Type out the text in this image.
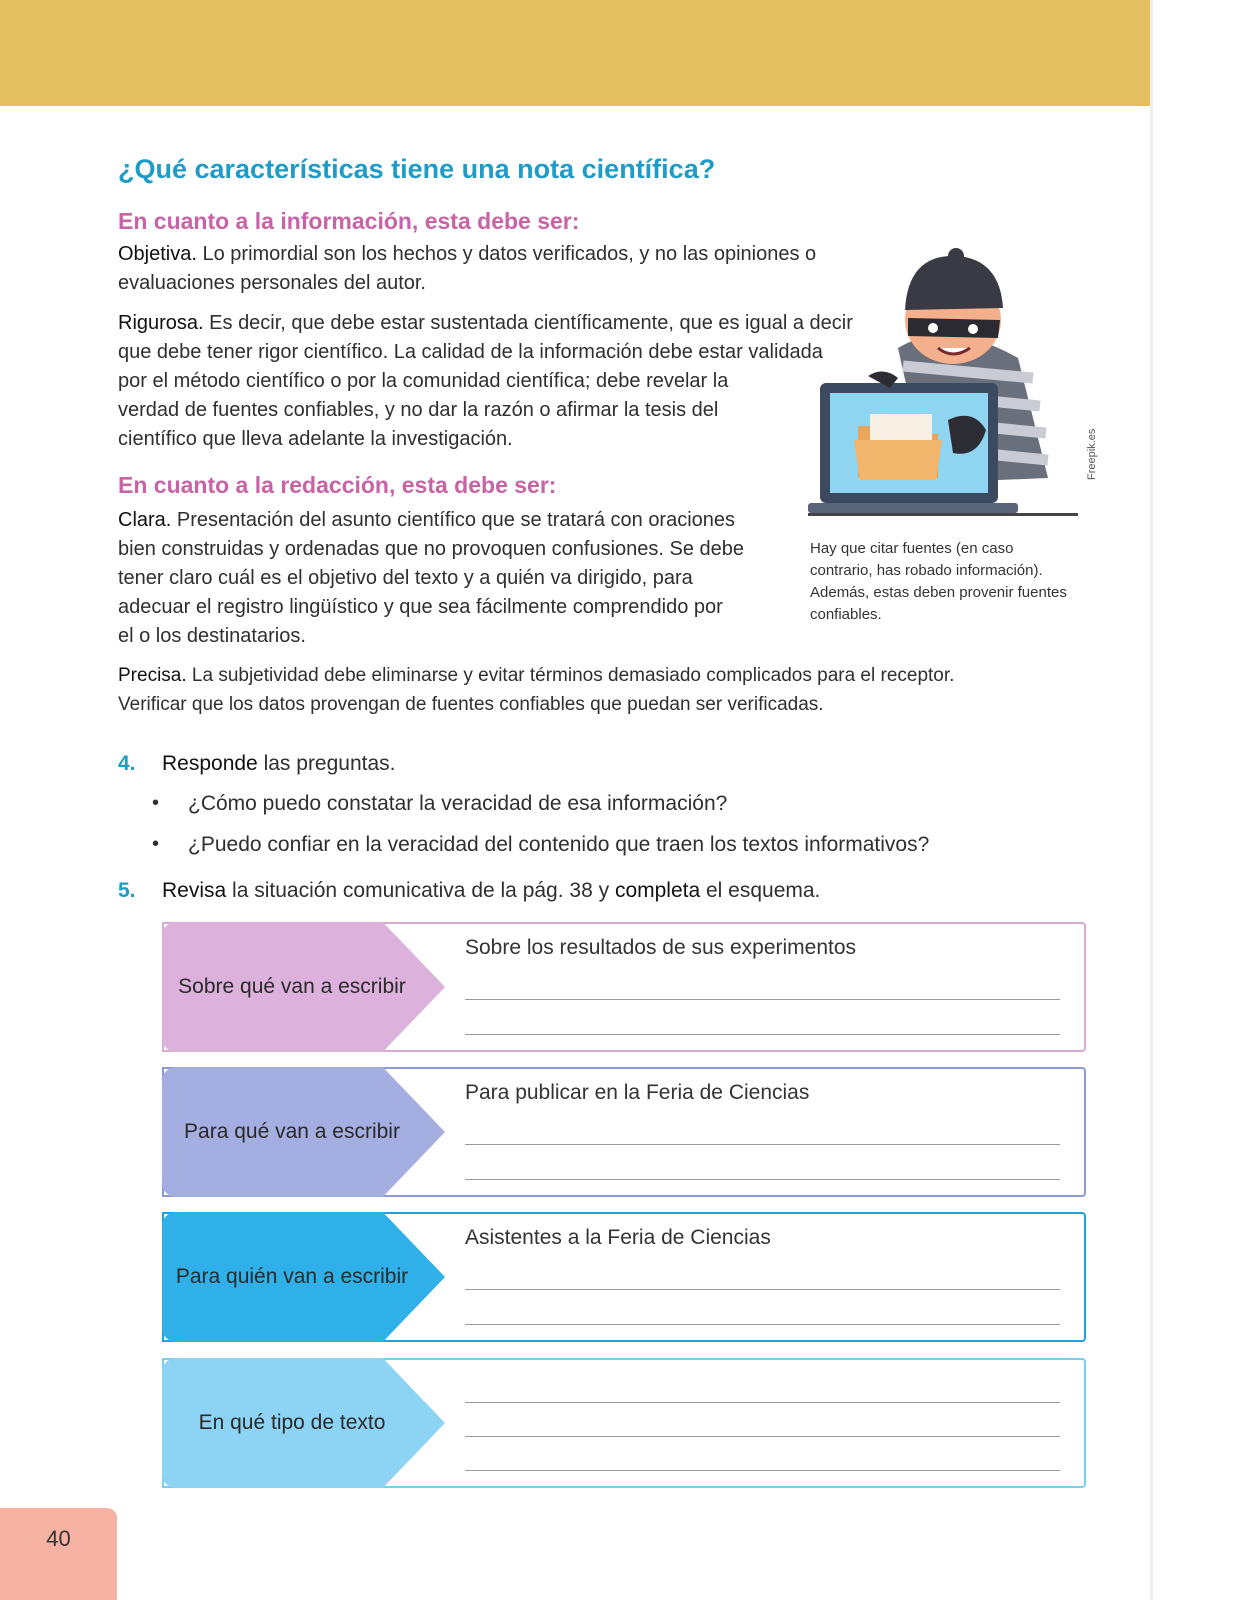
¿Qué características tiene una nota científica?
En cuanto a la información, esta debe ser:
Objetiva. Lo primordial son los hechos y datos verificados, y no las opiniones o
evaluaciones personales del autor.
Rigurosa. Es decir, que debe estar sustentada científicamente, que es igual a decir
que debe tener rigor científico. La calidad de la información debe estar validada
por el método científico o por la comunidad científica; debe revelar la
verdad de fuentes confiables, y no dar la razón o afirmar la tesis del
científico que lleva adelante la investigación.
En cuanto a la redacción, esta debe ser:
Clara. Presentación del asunto científico que se tratará con oraciones
bien construidas y ordenadas que no provoquen confusiones. Se debe
tener claro cuál es el objetivo del texto y a quién va dirigido, para
adecuar el registro lingüístico y que sea fácilmente comprendido por
el o los destinatarios.
Precisa. La subjetividad debe eliminarse y evitar términos demasiado complicados para el receptor.
Verificar que los datos provengan de fuentes confiables que puedan ser verificadas.
Freepik.es
Hay que citar fuentes (en caso
contrario, has robado información).
Además, estas deben provenir fuentes
confiables.
4. Responde las preguntas.
• ¿Cómo puedo constatar la veracidad de esa información?
• ¿Puedo confiar en la veracidad del contenido que traen los textos informativos?
5. Revisa la situación comunicativa de la pág. 38 y completa el esquema.
Sobre qué van a escribir
Sobre los resultados de sus experimentos
Para qué van a escribir
Para publicar en la Feria de Ciencias
Para quién van a escribir
Asistentes a la Feria de Ciencias
En qué tipo de texto
40
